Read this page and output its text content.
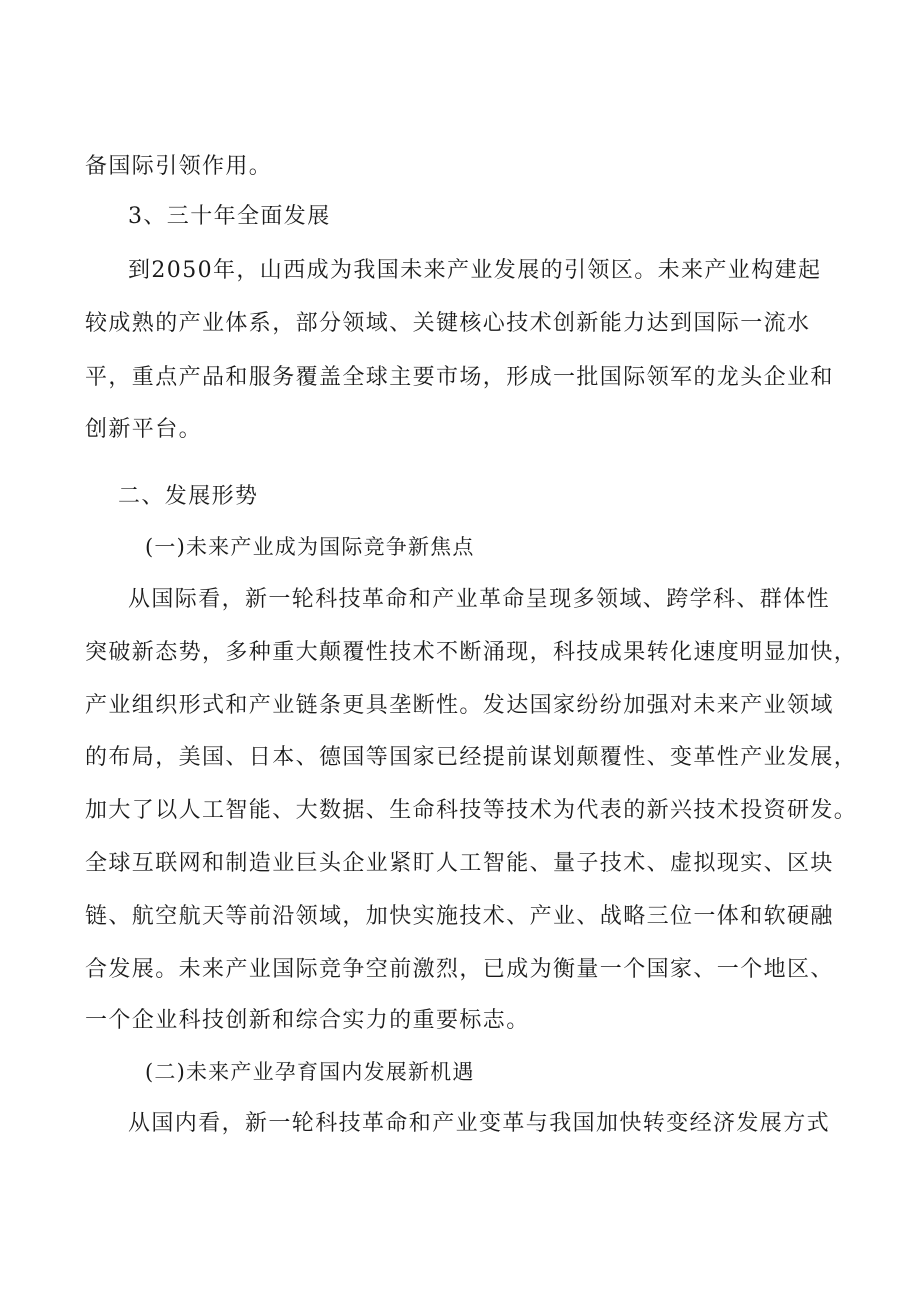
备国际引领作用。
3、三十年全面发展
到2050年，山西成为我国未来产业发展的引领区。未来产业构建起
较成熟的产业体系，部分领域、关键核心技术创新能力达到国际一流水
平，重点产品和服务覆盖全球主要市场，形成一批国际领军的龙头企业和
创新平台。
二、发展形势
(一)未来产业成为国际竞争新焦点
从国际看，新一轮科技革命和产业革命呈现多领域、跨学科、群体性
突破新态势，多种重大颠覆性技术不断涌现，科技成果转化速度明显加快，
产业组织形式和产业链条更具垄断性。发达国家纷纷加强对未来产业领域
的布局，美国、日本、德国等国家已经提前谋划颠覆性、变革性产业发展，
加大了以人工智能、大数据、生命科技等技术为代表的新兴技术投资研发。
全球互联网和制造业巨头企业紧盯人工智能、量子技术、虚拟现实、区块
链、航空航天等前沿领域，加快实施技术、产业、战略三位一体和软硬融
合发展。未来产业国际竞争空前激烈，已成为衡量一个国家、一个地区、
一个企业科技创新和综合实力的重要标志。
(二)未来产业孕育国内发展新机遇
从国内看，新一轮科技革命和产业变革与我国加快转变经济发展方式
